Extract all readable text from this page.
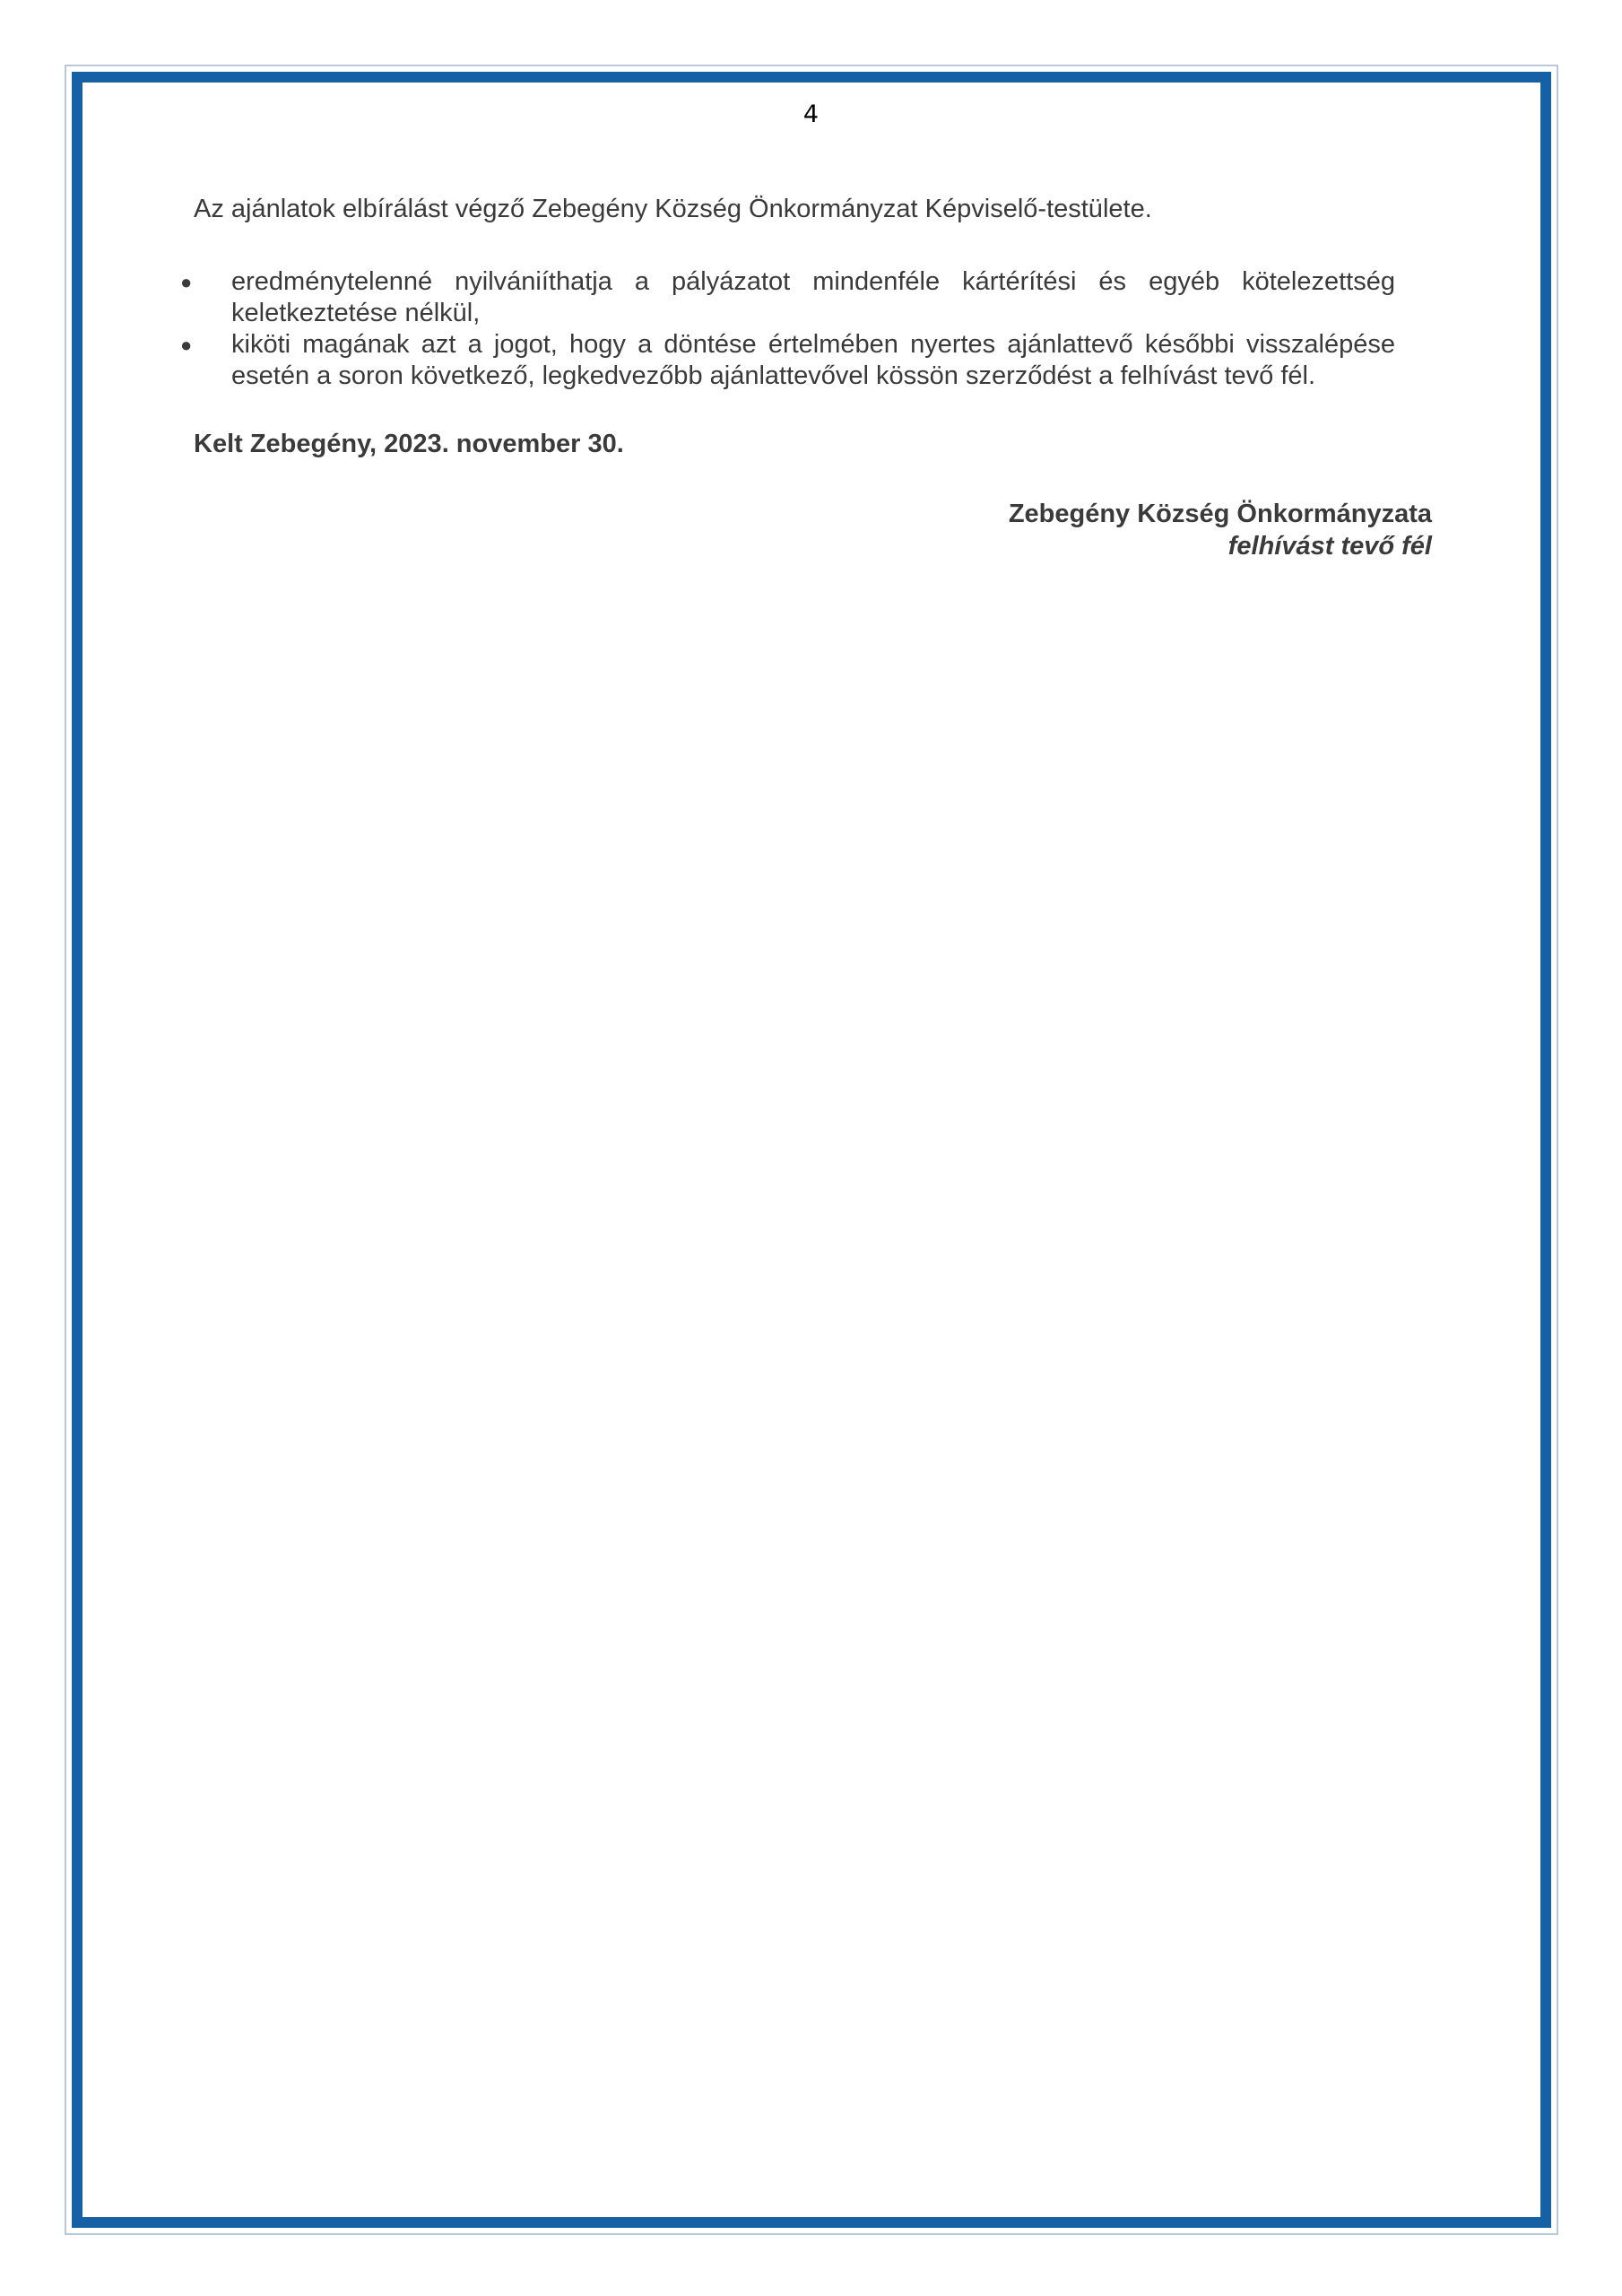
4
Az ajánlatok elbírálást végző Zebegény Község Önkormányzat Képviselő-testülete.
● eredménytelenné nyilvániíthatja a pályázatot mindenféle kártérítési és egyéb kötelezettség keletkeztetése nélkül,
● kiköti magának azt a jogot, hogy a döntése értelmében nyertes ajánlattevő későbbi visszalépése esetén a soron következő, legkedvezőbb ajánlattevővel kössön szerződést a felhívást tevő fél.
Kelt Zebegény, 2023. november 30.
Zebegény Község Önkormányzata
felhívást tevő fél
